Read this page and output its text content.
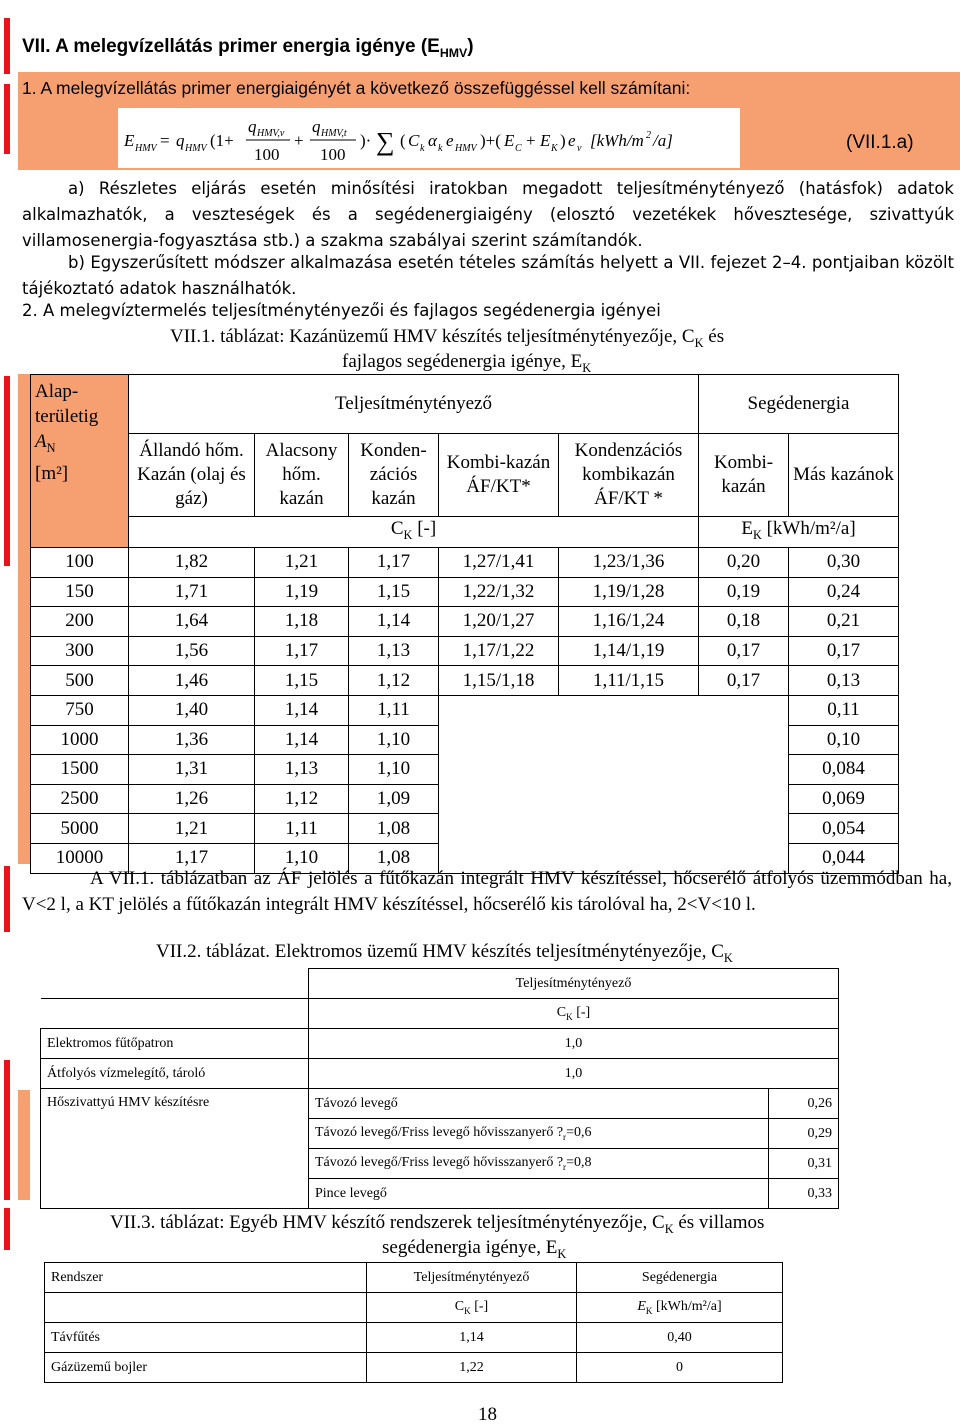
VII. A melegvízellátás primer energia igénye $(E_{HMV})$
1. A melegvízellátás primer energiaigényét a következő összefüggéssel kell számítani:
E HMV = q HMV (1+
q HMV,v
100
+
q HMV,t
100
)· ∑ ( C k α k e HMV )+( E C + E K ) e v [kWh/m 2 /a]	(VII.1.a)
a) Részletes eljárás esetén minősítési iratokban megadott teljesítménytényező (hatásfok) adatok alkalmazhatók, a veszteségek és a segédenergiaigény (elosztó vezetékek hővesztesége, szivattyúk villamosenergia-fogyasztása stb.) a szakma szabályai szerint számítandók.
b) Egyszerűsített módszer alkalmazása esetén tételes számítás helyett a VII. fejezet 2–4. pontjaiban közölt tájékoztató adatok használhatók.
2. A melegvíztermelés teljesítménytényezői és fajlagos segédenergia igényei
VII.1. táblázat: Kazánüzemű HMV készítés teljesítménytényezője, $C_K$ és
fajlagos segédenergia igénye, $E_K$
Alap-területig
$A_N$
[m²]	Teljesítménytényező					Segédenergia	
	Állandó hőm. Kazán (olaj és gáz)	Alacsony hőm. kazán	Konden-zációs kazán	Kombi-kazán ÁF/KT*	Kondenzációs kombikazán ÁF/KT *	Kombi-kazán	Más kazánok
	$C_K$ [-]					$E_K$ [kWh/m²/a]	
100	1,82	1,21	1,17	1,27/1,41	1,23/1,36	0,20	0,30
150	1,71	1,19	1,15	1,22/1,32	1,19/1,28	0,19	0,24
200	1,64	1,18	1,14	1,20/1,27	1,16/1,24	0,18	0,21
300	1,56	1,17	1,13	1,17/1,22	1,14/1,19	0,17	0,17
500	1,46	1,15	1,12	1,15/1,18	1,11/1,15	0,17	0,13
750	1,40	1,14	1,11				0,11
1000	1,36	1,14	1,10				0,10
1500	1,31	1,13	1,10				0,084
2500	1,26	1,12	1,09				0,069
5000	1,21	1,11	1,08				0,054
10000	1,17	1,10	1,08				0,044
A VII.1. táblázatban az ÁF jelölés a fűtőkazán integrált HMV készítéssel, hőcserélő átfolyós üzemmódban ha, V<2 l, a KT jelölés a fűtőkazán integrált HMV készítéssel, hőcserélő kis tárolóval ha, 2<V<10 l.
VII.2. táblázat. Elektromos üzemű HMV készítés teljesítménytényezője, $C_K$
	Teljesítménytényező	
	$C_K$ [-]	
Elektromos fűtőpatron	1,0	
Átfolyós vízmelegítő, tároló	1,0	
Hőszivattyú HMV készítésre	Távozó levegő	0,26
	Távozó levegő/Friss levegő hővisszanyerő $?_r=0,6$	0,29
	Távozó levegő/Friss levegő hővisszanyerő $?_r=0,8$	0,31
	Pince levegő	0,33
VII.3. táblázat: Egyéb HMV készítő rendszerek teljesítménytényezője, $C_K$ és villamos
segédenergia igénye, $E_K$
Rendszer	Teljesítménytényező	Segédenergia
	$C_K$ [-]	$E_K$ [kWh/m²/a]
Távfűtés	1,14	0,40
Gázüzemű bojler	1,22	0
18
